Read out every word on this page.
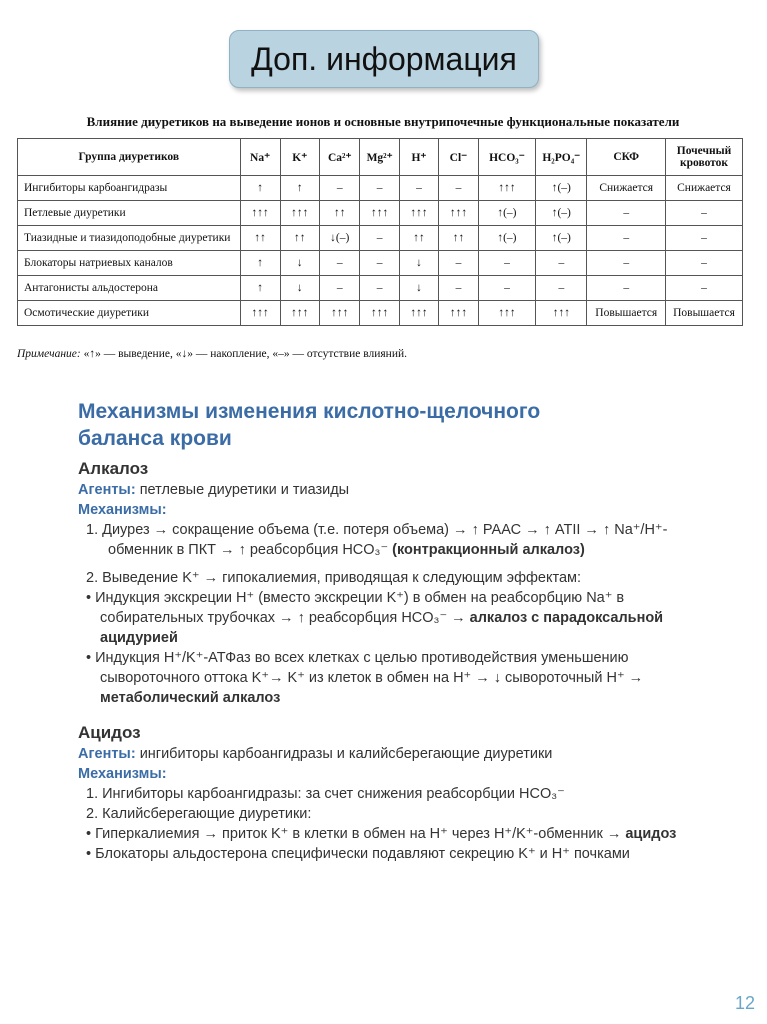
Доп. информация
Влияние диуретиков на выведение ионов и основные внутрипочечные функциональные показатели
Группа диуретиков	Na⁺	K⁺	Ca²⁺	Mg²⁺	H⁺	Cl⁻	HCO₃⁻	H₂PO₄⁻	СКФ	Почечный кровоток
Ингибиторы карбоангидразы	↑	↑	–	–	–	–	↑↑↑	↑(–)	Снижается	Снижается
Петлевые диуретики	↑↑↑	↑↑↑	↑↑	↑↑↑	↑↑↑	↑↑↑	↑(–)	↑(–)	–	–
Тиазидные и тиазидоподобные диуретики	↑↑	↑↑	↓(–)	–	↑↑	↑↑	↑(–)	↑(–)	–	–
Блокаторы натриевых каналов	↑	↓	–	–	↓	–	–	–	–	–
Антагонисты альдостерона	↑	↓	–	–	↓	–	–	–	–	–
Осмотические диуретики	↑↑↑	↑↑↑	↑↑↑	↑↑↑	↑↑↑	↑↑↑	↑↑↑	↑↑↑	Повышается	Повышается
Примечание: «↑» — выведение, «↓» — накопление, «–» — отсутствие влияний.
Механизмы изменения кислотно-щелочного
баланса крови
Алкалоз
Агенты: петлевые диуретики и тиазиды
Механизмы:
1. Диурез → сокращение объема (т.е. потеря объема) → ↑ РААС → ↑ ATII → ↑ Na⁺/H⁺-обменник в ПКТ → ↑ реабсорбция HCO₃⁻ (контракционный алкалоз)
2. Выведение K⁺ → гипокалиемия, приводящая к следующим эффектам:
• Индукция экскреции H⁺ (вместо экскреции K⁺) в обмен на реабсорбцию Na⁺ в собирательных трубочках → ↑ реабсорбция HCO₃⁻ → алкалоз с парадоксальной ацидурией
• Индукция H⁺/K⁺-АТФаз во всех клетках с целью противодействия уменьшению сывороточного оттока K⁺→ K⁺ из клеток в обмен на H⁺ → ↓ сывороточный H⁺ → метаболический алкалоз
Ацидоз
Агенты: ингибиторы карбоангидразы и калийсберегающие диуретики
Механизмы:
1. Ингибиторы карбоангидразы: за счет снижения реабсорбции HCO₃⁻
2. Калийсберегающие диуретики:
• Гиперкалиемия → приток K⁺ в клетки в обмен на H⁺ через H⁺/K⁺-обменник → ацидоз
• Блокаторы альдостерона специфически подавляют секрецию K⁺ и H⁺ почками
12
